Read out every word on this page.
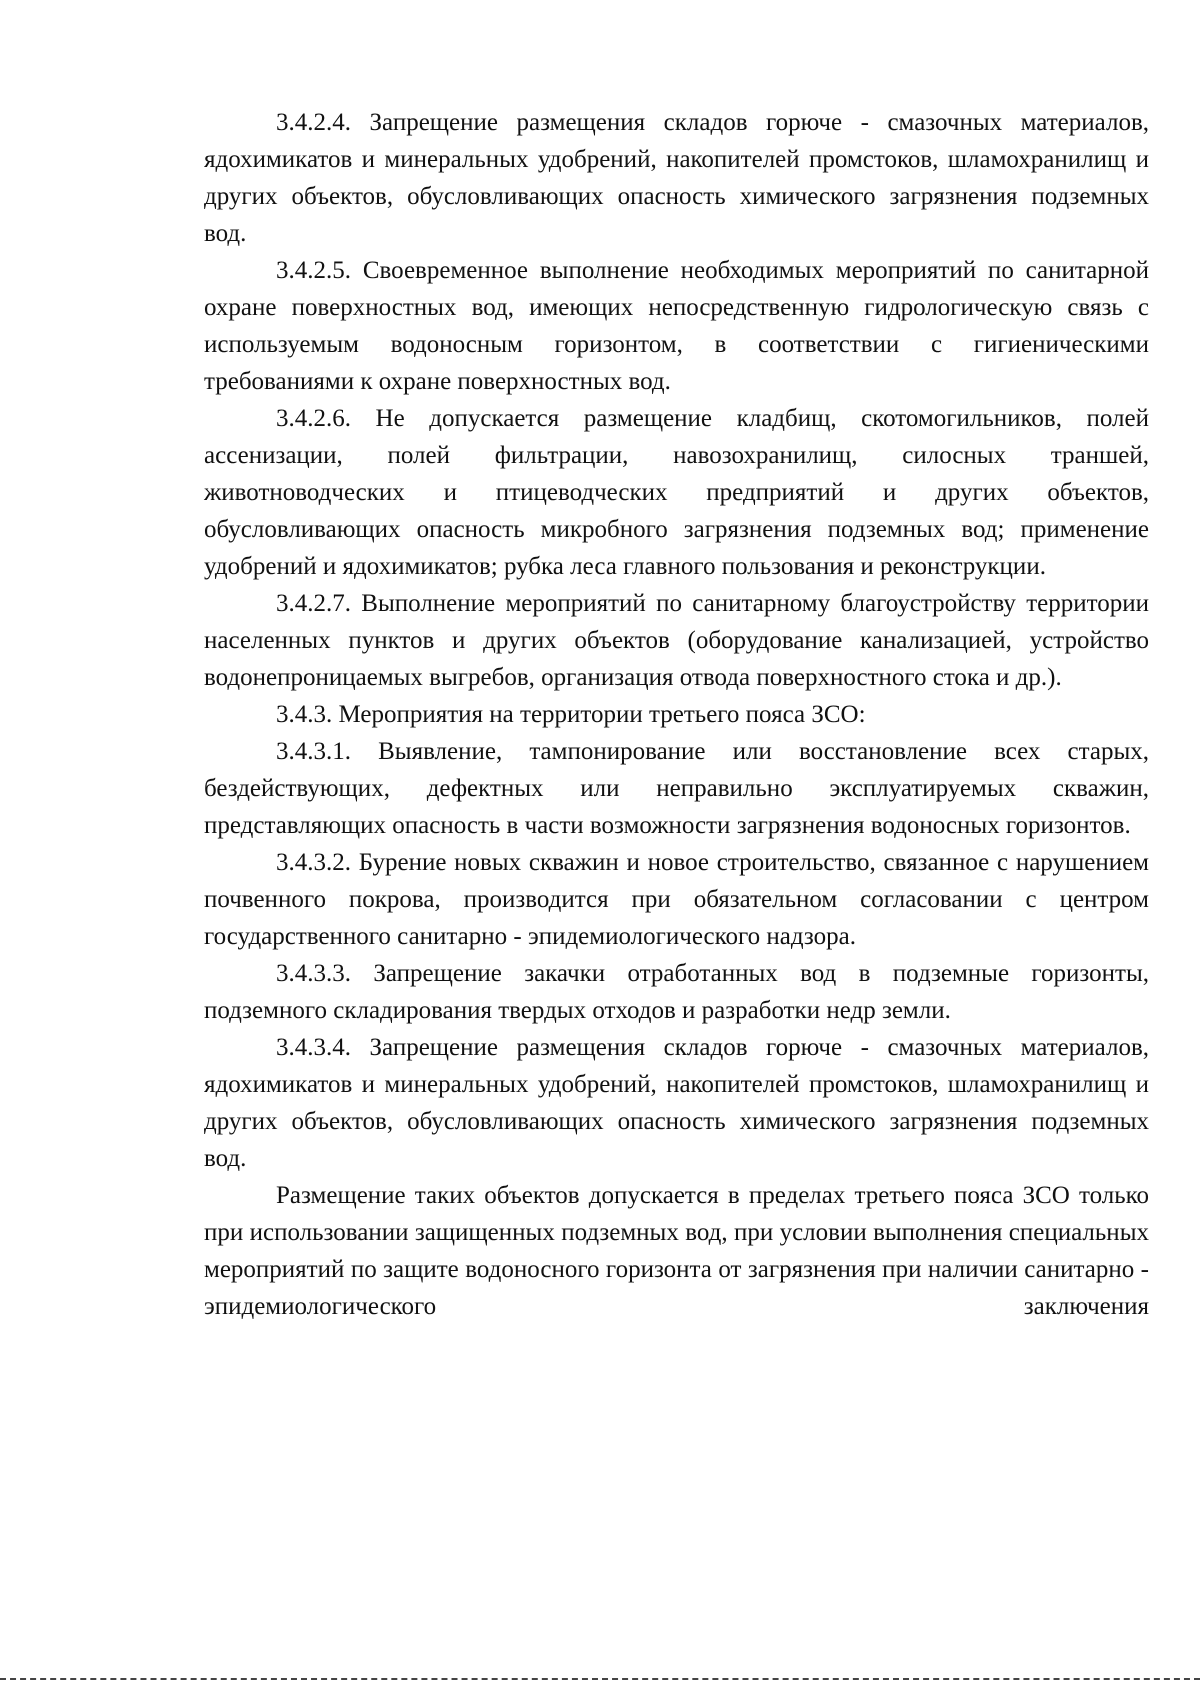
3.4.2.4. Запрещение размещения складов горюче - смазочных материалов, ядохимикатов и минеральных удобрений, накопителей промстоков, шламохранилищ и других объектов, обусловливающих опасность химического загрязнения подземных вод.

3.4.2.5. Своевременное выполнение необходимых мероприятий по санитарной охране поверхностных вод, имеющих непосредственную гидрологическую связь с используемым водоносным горизонтом, в соответствии с гигиеническими требованиями к охране поверхностных вод.

3.4.2.6. Не допускается размещение кладбищ, скотомогильников, полей ассенизации, полей фильтрации, навозохранилищ, силосных траншей, животноводческих и птицеводческих предприятий и других объектов, обусловливающих опасность микробного загрязнения подземных вод; применение удобрений и ядохимикатов; рубка леса главного пользования и реконструкции.

3.4.2.7. Выполнение мероприятий по санитарному благоустройству территории населенных пунктов и других объектов (оборудование канализацией, устройство водонепроницаемых выгребов, организация отвода поверхностного стока и др.).

3.4.3. Мероприятия на территории третьего пояса ЗСО:

3.4.3.1. Выявление, тампонирование или восстановление всех старых, бездействующих, дефектных или неправильно эксплуатируемых скважин, представляющих опасность в части возможности загрязнения водоносных горизонтов.

3.4.3.2. Бурение новых скважин и новое строительство, связанное с нарушением почвенного покрова, производится при обязательном согласовании с центром государственного санитарно - эпидемиологического надзора.

3.4.3.3. Запрещение закачки отработанных вод в подземные горизонты, подземного складирования твердых отходов и разработки недр земли.

3.4.3.4. Запрещение размещения складов горюче - смазочных материалов, ядохимикатов и минеральных удобрений, накопителей промстоков, шламохранилищ и других объектов, обусловливающих опасность химического загрязнения подземных вод.

Размещение таких объектов допускается в пределах третьего пояса ЗСО только при использовании защищенных подземных вод, при условии выполнения специальных мероприятий по защите водоносного горизонта от загрязнения при наличии санитарно - эпидемиологического заключения
